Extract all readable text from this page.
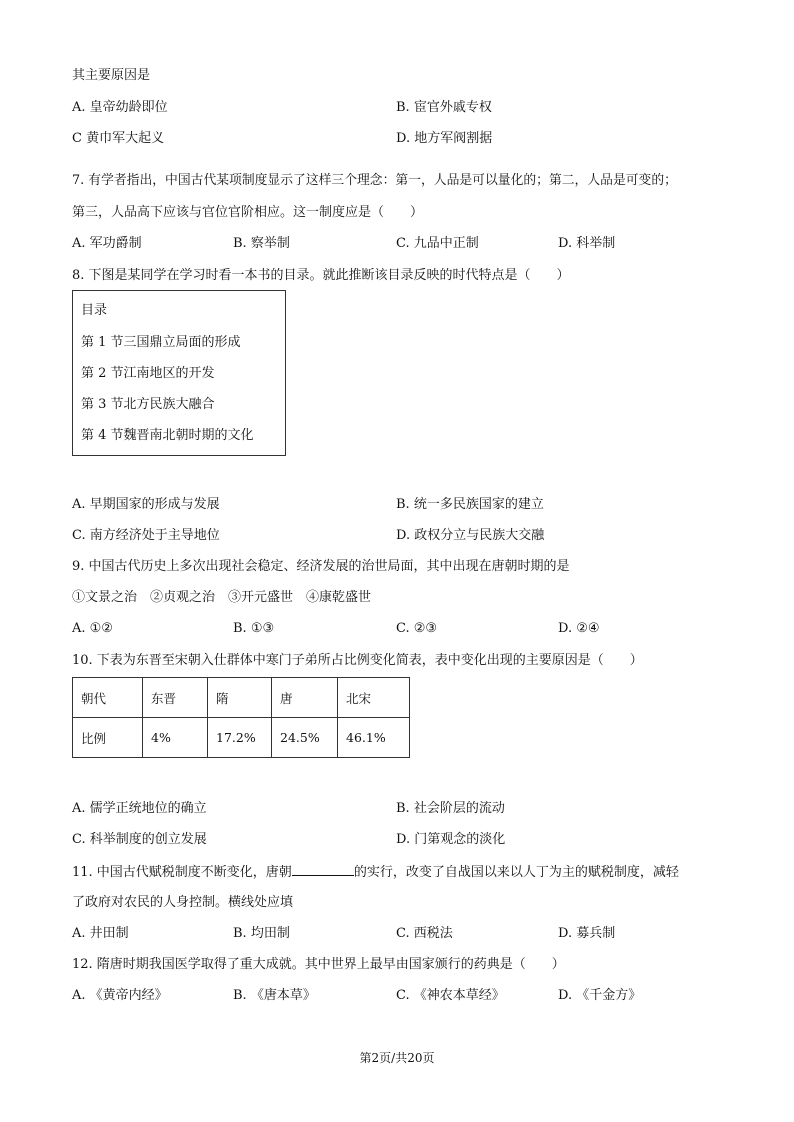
其主要原因是
A. 皇帝幼龄即位	B. 宦官外戚专权
C 黄巾军大起义	D. 地方军阀割据
7. 有学者指出，中国古代某项制度显示了这样三个理念：第一，人品是可以量化的；第二，人品是可变的；
第三，人品高下应该与官位官阶相应。这一制度应是（　　）
A. 军功爵制	B. 察举制	C. 九品中正制	D. 科举制
8. 下图是某同学在学习时看一本书的目录。就此推断该目录反映的时代特点是（　　）
目录
第 1 节三国鼎立局面的形成
第 2 节江南地区的开发
第 3 节北方民族大融合
第 4 节魏晋南北朝时期的文化
A. 早期国家的形成与发展	B. 统一多民族国家的建立
C. 南方经济处于主导地位	D. 政权分立与民族大交融
9. 中国古代历史上多次出现社会稳定、经济发展的治世局面，其中出现在唐朝时期的是
①文景之治　②贞观之治　③开元盛世　④康乾盛世
A. ①②	B. ①③	C. ②③	D. ②④
10. 下表为东晋至宋朝入仕群体中寒门子弟所占比例变化简表，表中变化出现的主要原因是（　　）
朝代	东晋	隋	唐	北宋
比例	4%	17.2%	24.5%	46.1%
A. 儒学正统地位的确立	B. 社会阶层的流动
C. 科举制度的创立发展	D. 门第观念的淡化
11. 中国古代赋税制度不断变化，唐朝	的实行，改变了自战国以来以人丁为主的赋税制度，减轻
了政府对农民的人身控制。横线处应填
A. 井田制	B. 均田制	C. 西税法	D. 募兵制
12. 隋唐时期我国医学取得了重大成就。其中世界上最早由国家颁行的药典是（　　）
A. 《黄帝内经》	B. 《唐本草》	C. 《神农本草经》	D. 《千金方》
第2页/共20页
